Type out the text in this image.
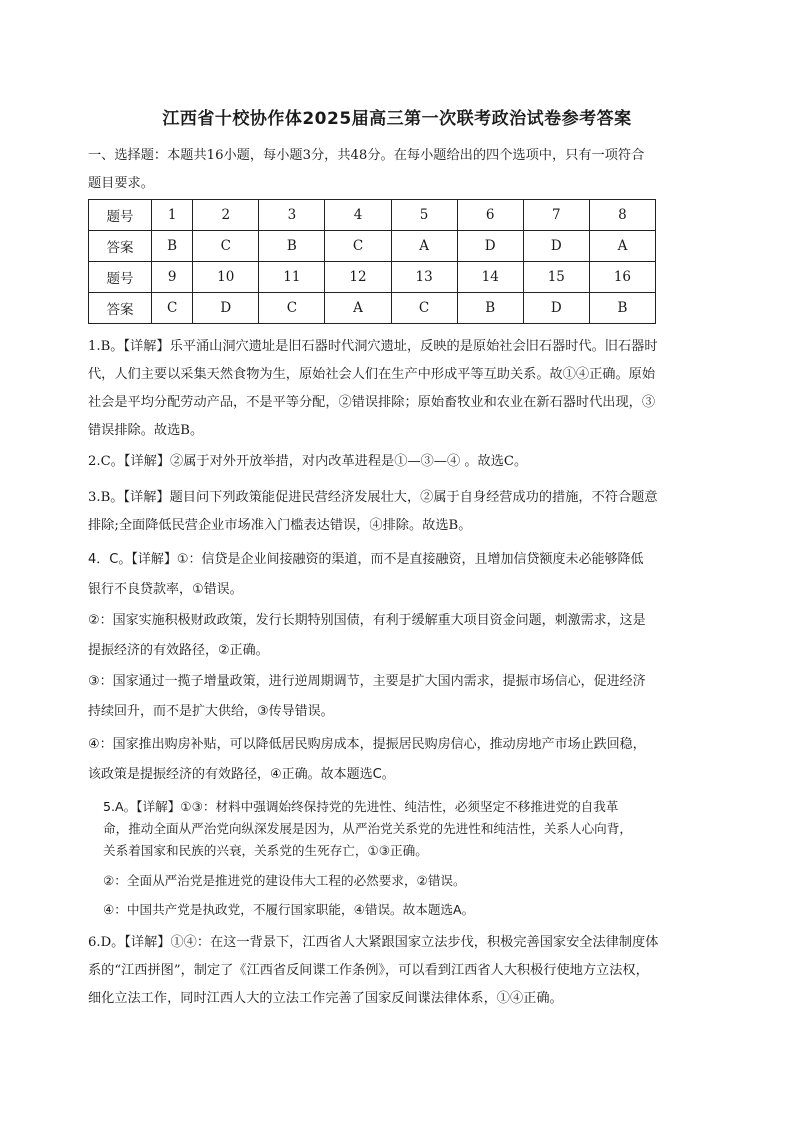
江西省十校协作体2025届高三第一次联考政治试卷参考答案

一、选择题：本题共16小题，每小题3分，共48分。在每小题给出的四个选项中，只有一项符合
题目要求。

题号	1	2	3	4	5	6	7	8
答案	B	C	B	C	A	D	D	A
题号	9	10	11	12	13	14	15	16
答案	C	D	C	A	C	B	D	B

1.B。【详解】乐平涌山洞穴遗址是旧石器时代洞穴遗址，反映的是原始社会旧石器时代。旧石器时
代，人们主要以采集天然食物为生，原始社会人们在生产中形成平等互助关系。故①④正确。原始
社会是平均分配劳动产品，不是平等分配，②错误排除；原始畜牧业和农业在新石器时代出现，③
错误排除。故选B。

2.C。【详解】②属于对外开放举措，对内改革进程是①—③—④ 。故选C。

3.B。【详解】题目问下列政策能促进民营经济发展壮大，②属于自身经营成功的措施，不符合题意
排除;全面降低民营企业市场准入门槛表达错误，④排除。故选B。

4．C。【详解】①：信贷是企业间接融资的渠道，而不是直接融资，且增加信贷额度未必能够降低
银行不良贷款率，①错误。

②：国家实施积极财政政策，发行长期特别国债，有利于缓解重大项目资金问题，刺激需求，这是
提振经济的有效路径，②正确。

③：国家通过一揽子增量政策，进行逆周期调节，主要是扩大国内需求，提振市场信心，促进经济
持续回升，而不是扩大供给，③传导错误。

④：国家推出购房补贴，可以降低居民购房成本，提振居民购房信心，推动房地产市场止跌回稳，
该政策是提振经济的有效路径，④正确。故本题选C。

5.A。【详解】①③：材料中强调始终保持党的先进性、纯洁性，必须坚定不移推进党的自我革
命，推动全面从严治党向纵深发展是因为，从严治党关系党的先进性和纯洁性，关系人心向背，
关系着国家和民族的兴衰，关系党的生死存亡，①③正确。

②：全面从严治党是推进党的建设伟大工程的必然要求，②错误。

④：中国共产党是执政党，不履行国家职能，④错误。故本题选A。

6.D。【详解】①④：在这一背景下，江西省人大紧跟国家立法步伐，积极完善国家安全法律制度体
系的“江西拼图”，制定了《江西省反间谍工作条例》，可以看到江西省人大积极行使地方立法权，
细化立法工作，同时江西人大的立法工作完善了国家反间谍法律体系，①④正确。
